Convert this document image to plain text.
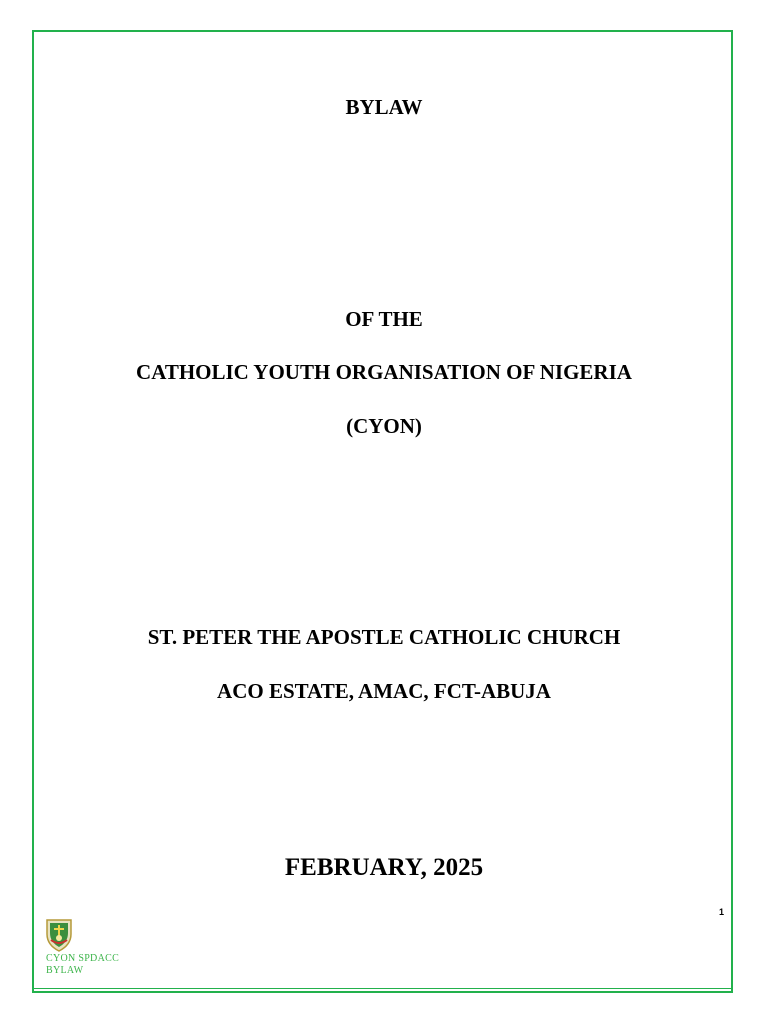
BYLAW
OF THE
CATHOLIC YOUTH ORGANISATION OF NIGERIA
(CYON)
ST. PETER THE APOSTLE CATHOLIC CHURCH
ACO ESTATE, AMAC, FCT-ABUJA
FEBRUARY, 2025
1
CYON SPDACC
BYLAW
